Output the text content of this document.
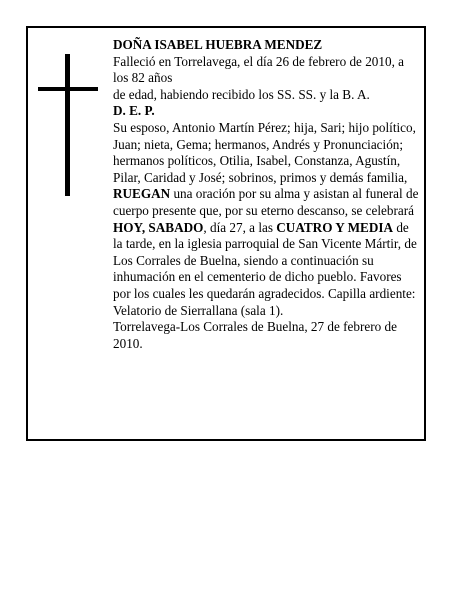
DOÑA ISABEL HUEBRA MENDEZ

Falleció en Torrelavega, el día 26 de febrero de 2010, a los 82 años

de edad, habiendo recibido los SS. SS. y la B. A.

D. E. P.

Su esposo, Antonio Martín Pérez; hija, Sari; hijo político, Juan; nieta, Gema; hermanos, Andrés y Pronunciación; hermanos políticos, Otilia, Isabel, Constanza, Agustín, Pilar, Caridad y José; sobrinos, primos y demás familia,

RUEGAN una oración por su alma y asistan al funeral de cuerpo presente que, por su eterno descanso, se celebrará HOY, SABADO, día 27, a las CUATRO Y MEDIA de la tarde, en la iglesia parroquial de San Vicente Mártir, de Los Corrales de Buelna, siendo a continuación su inhumación en el cementerio de dicho pueblo. Favores por los cuales les quedarán agradecidos. Capilla ardiente: Velatorio de Sierrallana (sala 1).

Torrelavega-Los Corrales de Buelna, 27 de febrero de 2010.
